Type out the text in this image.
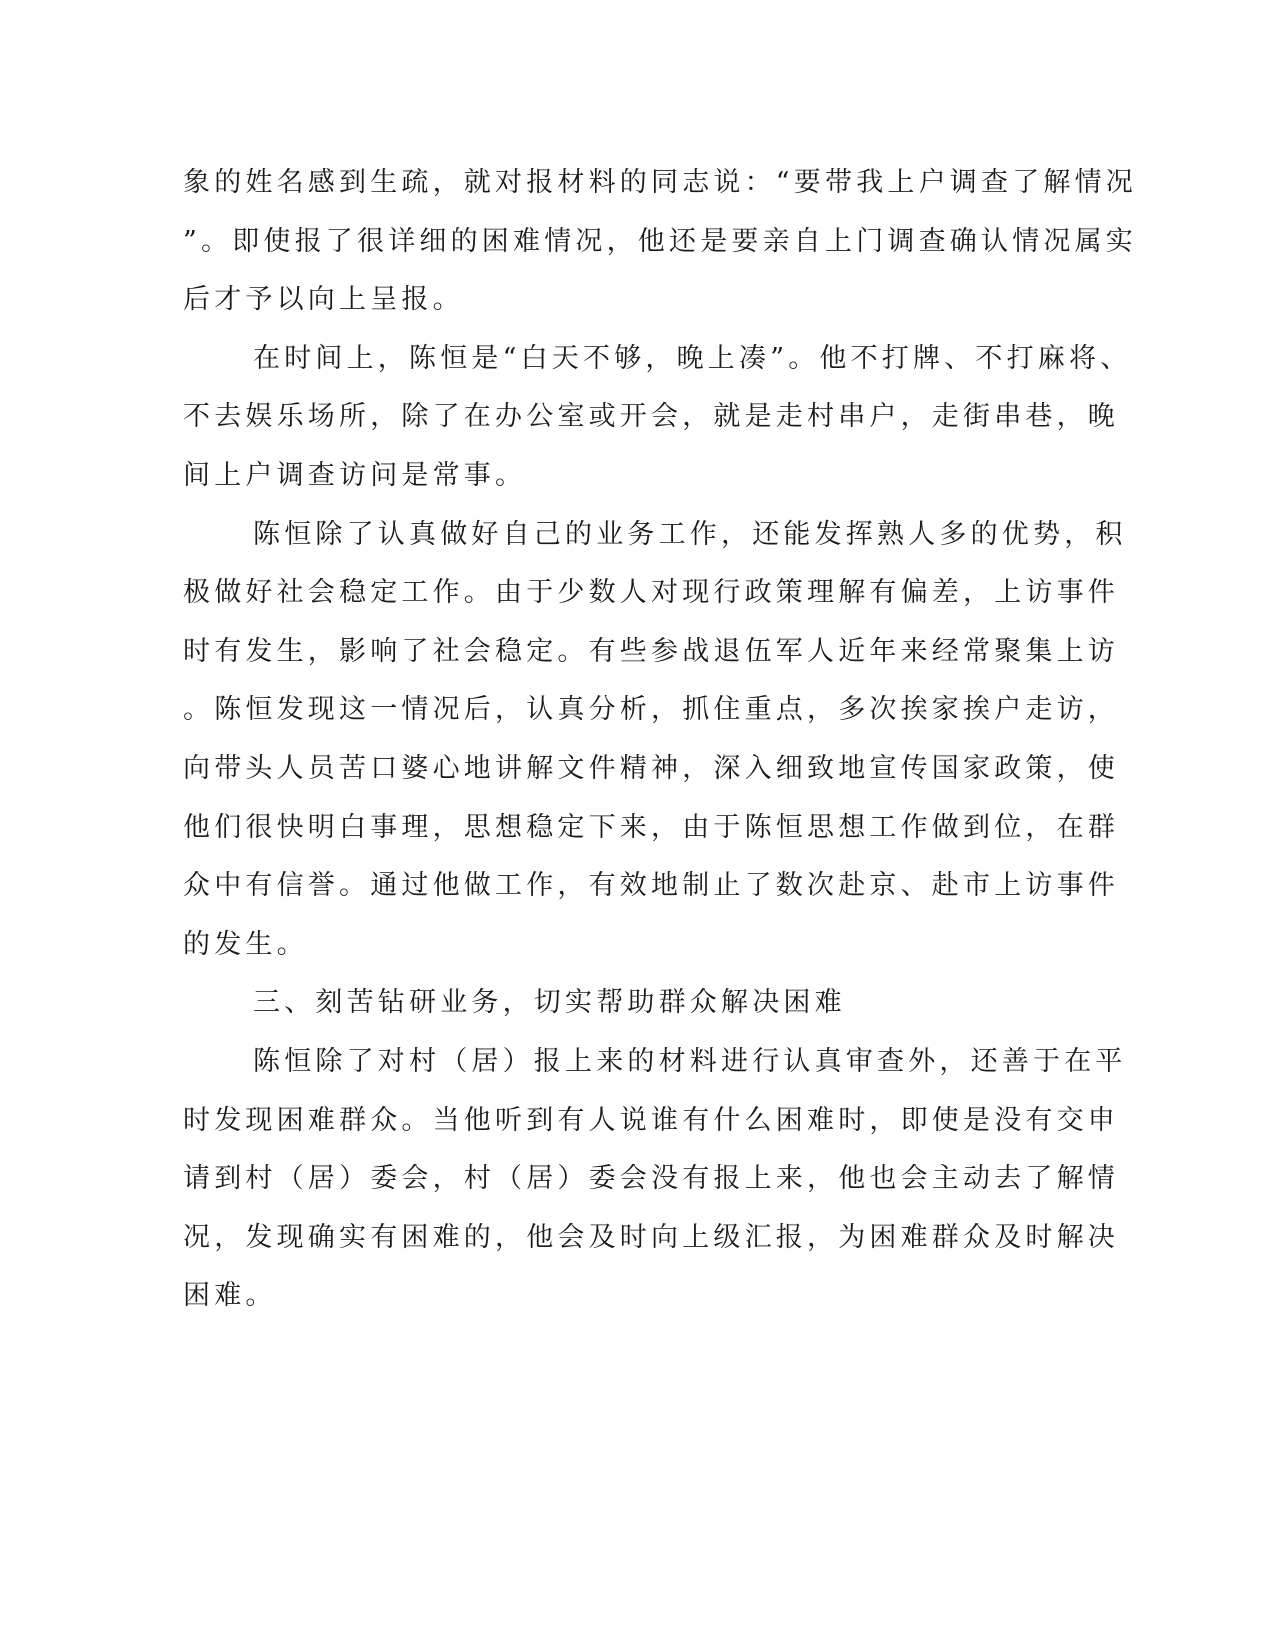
象的姓名感到生疏，就对报材料的同志说：“要带我上户调查了解情况
”。即使报了很详细的困难情况，他还是要亲自上门调查确认情况属实
后才予以向上呈报。
在时间上，陈恒是“白天不够，晚上凑”。他不打牌、不打麻将、
不去娱乐场所，除了在办公室或开会，就是走村串户，走街串巷，晚
间上户调查访问是常事。
陈恒除了认真做好自己的业务工作，还能发挥熟人多的优势，积
极做好社会稳定工作。由于少数人对现行政策理解有偏差，上访事件
时有发生，影响了社会稳定。有些参战退伍军人近年来经常聚集上访
。陈恒发现这一情况后，认真分析，抓住重点，多次挨家挨户走访，
向带头人员苦口婆心地讲解文件精神，深入细致地宣传国家政策，使
他们很快明白事理，思想稳定下来，由于陈恒思想工作做到位，在群
众中有信誉。通过他做工作，有效地制止了数次赴京、赴市上访事件
的发生。
三、刻苦钻研业务，切实帮助群众解决困难
陈恒除了对村（居）报上来的材料进行认真审查外，还善于在平
时发现困难群众。当他听到有人说谁有什么困难时，即使是没有交申
请到村（居）委会，村（居）委会没有报上来，他也会主动去了解情
况，发现确实有困难的，他会及时向上级汇报，为困难群众及时解决
困难。
